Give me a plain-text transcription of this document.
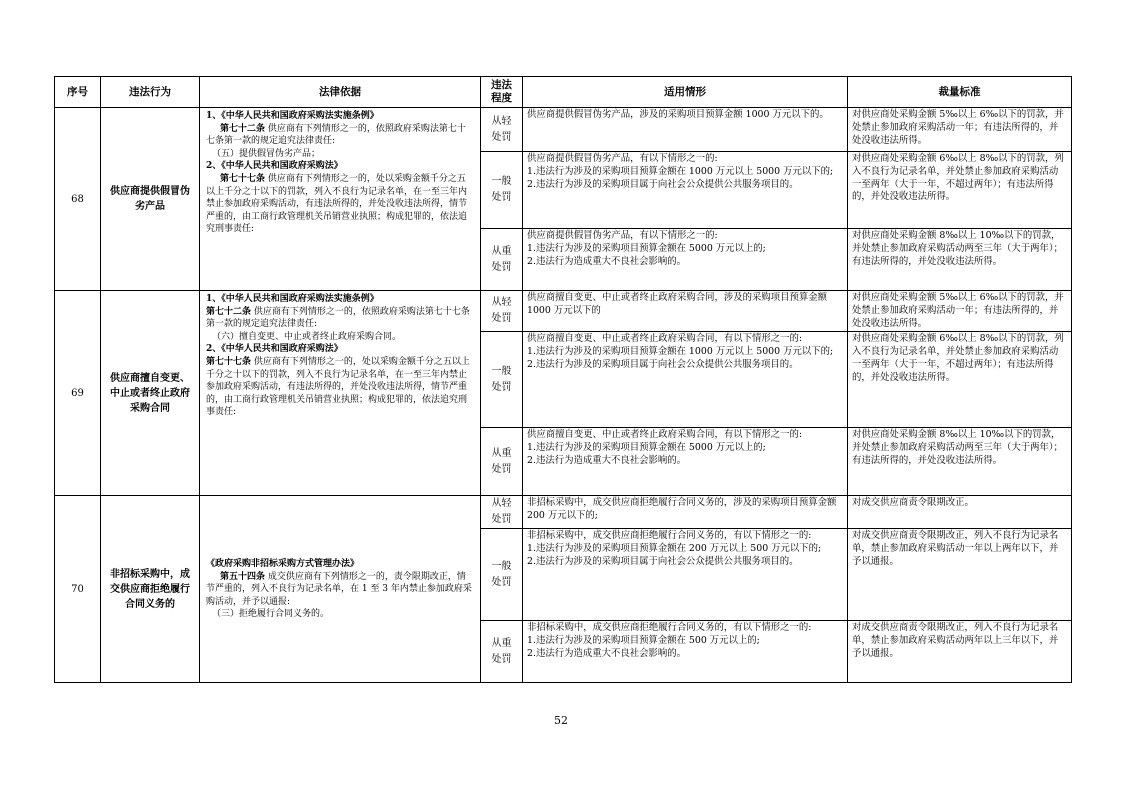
序号	违法行为	法律依据	违法
程度	适用情形	裁量标准
68	供应商提供假冒伪劣产品	1、《中华人民共和国政府采购法实施条例》
第七十二条 供应商有下列情形之一的，依照政府采购法第七十七条第一款的规定追究法律责任:
（五）提供假冒伪劣产品；
2、《中华人民共和国政府采购法》
第七十七条 供应商有下列情形之一的，处以采购金额千分之五以上千分之十以下的罚款，列入不良行为记录名单，在一至三年内禁止参加政府采购活动，有违法所得的，并处没收违法所得，情节严重的，由工商行政管理机关吊销营业执照；构成犯罪的，依法追究刑事责任:	从轻
处罚	供应商提供假冒伪劣产品，涉及的采购项目预算金额 1000 万元以下的。	对供应商处采购金额 5‰以上 6‰以下的罚款，并处禁止参加政府采购活动一年；有违法所得的，并处没收违法所得。
			一般
处罚	供应商提供假冒伪劣产品，有以下情形之一的:
1.违法行为涉及的采购项目预算金额在 1000 万元以上 5000 万元以下的;
2.违法行为涉及的采购项目属于向社会公众提供公共服务项目的。	对供应商处采购金额 6‰以上 8‰以下的罚款，列入不良行为记录名单，并处禁止参加政府采购活动一至两年（大于一年，不超过两年）；有违法所得的，并处没收违法所得。
			从重
处罚	供应商提供假冒伪劣产品，有以下情形之一的:
1.违法行为涉及的采购项目预算金额在 5000 万元以上的;
2.违法行为造成重大不良社会影响的。	对供应商处采购金额 8‰以上 10‰以下的罚款，并处禁止参加政府采购活动两至三年（大于两年）；有违法所得的，并处没收违法所得。
69	供应商擅自变更、中止或者终止政府采购合同	1、《中华人民共和国政府采购法实施条例》
第七十二条 供应商有下列情形之一的，依照政府采购法第七十七条第一款的规定追究法律责任:
（六）擅自变更、中止或者终止政府采购合同。
2、《中华人民共和国政府采购法》
第七十七条 供应商有下列情形之一的，处以采购金额千分之五以上千分之十以下的罚款，列入不良行为记录名单，在一至三年内禁止参加政府采购活动，有违法所得的，并处没收违法所得，情节严重的，由工商行政管理机关吊销营业执照；构成犯罪的，依法追究刑事责任:	从轻
处罚	供应商擅自变更、中止或者终止政府采购合同，涉及的采购项目预算金额 1000 万元以下的	对供应商处采购金额 5‰以上 6‰以下的罚款，并处禁止参加政府采购活动一年；有违法所得的，并处没收违法所得。
			一般
处罚	供应商擅自变更、中止或者终止政府采购合同，有以下情形之一的:
1.违法行为涉及的采购项目预算金额在 1000 万元以上 5000 万元以下的;
2.违法行为涉及的采购项目属于向社会公众提供公共服务项目的。	对供应商处采购金额 6‰以上 8‰以下的罚款，列入不良行为记录名单，并处禁止参加政府采购活动一至两年（大于一年，不超过两年）；有违法所得的，并处没收违法所得。
			从重
处罚	供应商擅自变更、中止或者终止政府采购合同，有以下情形之一的:
1.违法行为涉及的采购项目预算金额在 5000 万元以上的;
2.违法行为造成重大不良社会影响的。	对供应商处采购金额 8‰以上 10‰以下的罚款，并处禁止参加政府采购活动两至三年（大于两年）；有违法所得的，并处没收违法所得。
70	非招标采购中，成交供应商拒绝履行合同义务的	《政府采购非招标采购方式管理办法》
第五十四条 成交供应商有下列情形之一的，责令限期改正，情节严重的，列入不良行为记录名单，在 1 至 3 年内禁止参加政府采购活动，并予以通报:
（三）拒绝履行合同义务的。	从轻
处罚	非招标采购中，成交供应商拒绝履行合同义务的，涉及的采购项目预算金额 200 万元以下的;	对成交供应商责令限期改正。
			一般
处罚	非招标采购中，成交供应商拒绝履行合同义务的，有以下情形之一的:
1.违法行为涉及的采购项目预算金额在 200 万元以上 500 万元以下的;
2.违法行为涉及的采购项目属于向社会公众提供公共服务项目的。	对成交供应商责令限期改正，列入不良行为记录名单，禁止参加政府采购活动一年以上两年以下，并予以通报。
			从重
处罚	非招标采购中，成交供应商拒绝履行合同义务的，有以下情形之一的:
1.违法行为涉及的采购项目预算金额在 500 万元以上的;
2.违法行为造成重大不良社会影响的。	对成交供应商责令限期改正，列入不良行为记录名单，禁止参加政府采购活动两年以上三年以下，并予以通报。
52
